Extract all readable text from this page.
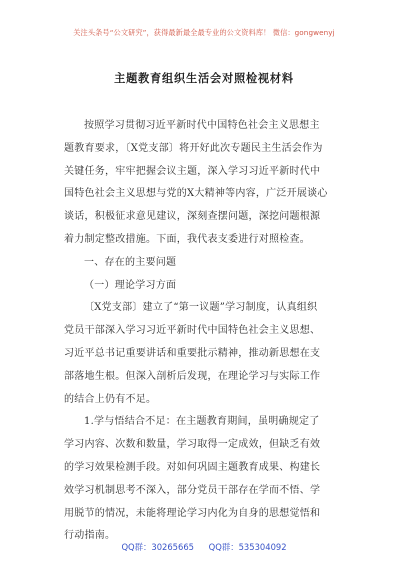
关注头条号“公文研究”，获得最新最全最专业的公文资料库！ 微信：gongwenyj
主题教育组织生活会对照检视材料
按照学习贯彻习近平新时代中国特色社会主义思想主
题教育要求，〔X党支部〕将开好此次专题民主生活会作为
关键任务，牢牢把握会议主题，深入学习习近平新时代中
国特色社会主义思想与党的X大精神等内容，广泛开展谈心
谈话，积极征求意见建议，深刻查摆问题，深挖问题根源
着力制定整改措施。下面，我代表支委进行对照检查。
一、存在的主要问题
（一）理论学习方面
〔X党支部〕建立了“第一议题”学习制度，认真组织
党员干部深入学习习近平新时代中国特色社会主义思想、
习近平总书记重要讲话和重要批示精神，推动新思想在支
部落地生根。但深入剖析后发现，在理论学习与实际工作
的结合上仍有不足。
1.学与悟结合不足：在主题教育期间，虽明确规定了
学习内容、次数和数量，学习取得一定成效，但缺乏有效
的学习效果检测手段。对如何巩固主题教育成果、构建长
效学习机制思考不深入，部分党员干部存在学而不悟、学
用脱节的情况，未能将理论学习内化为自身的思想觉悟和
行动指南。
QQ群：30265665 QQ群：535304092
